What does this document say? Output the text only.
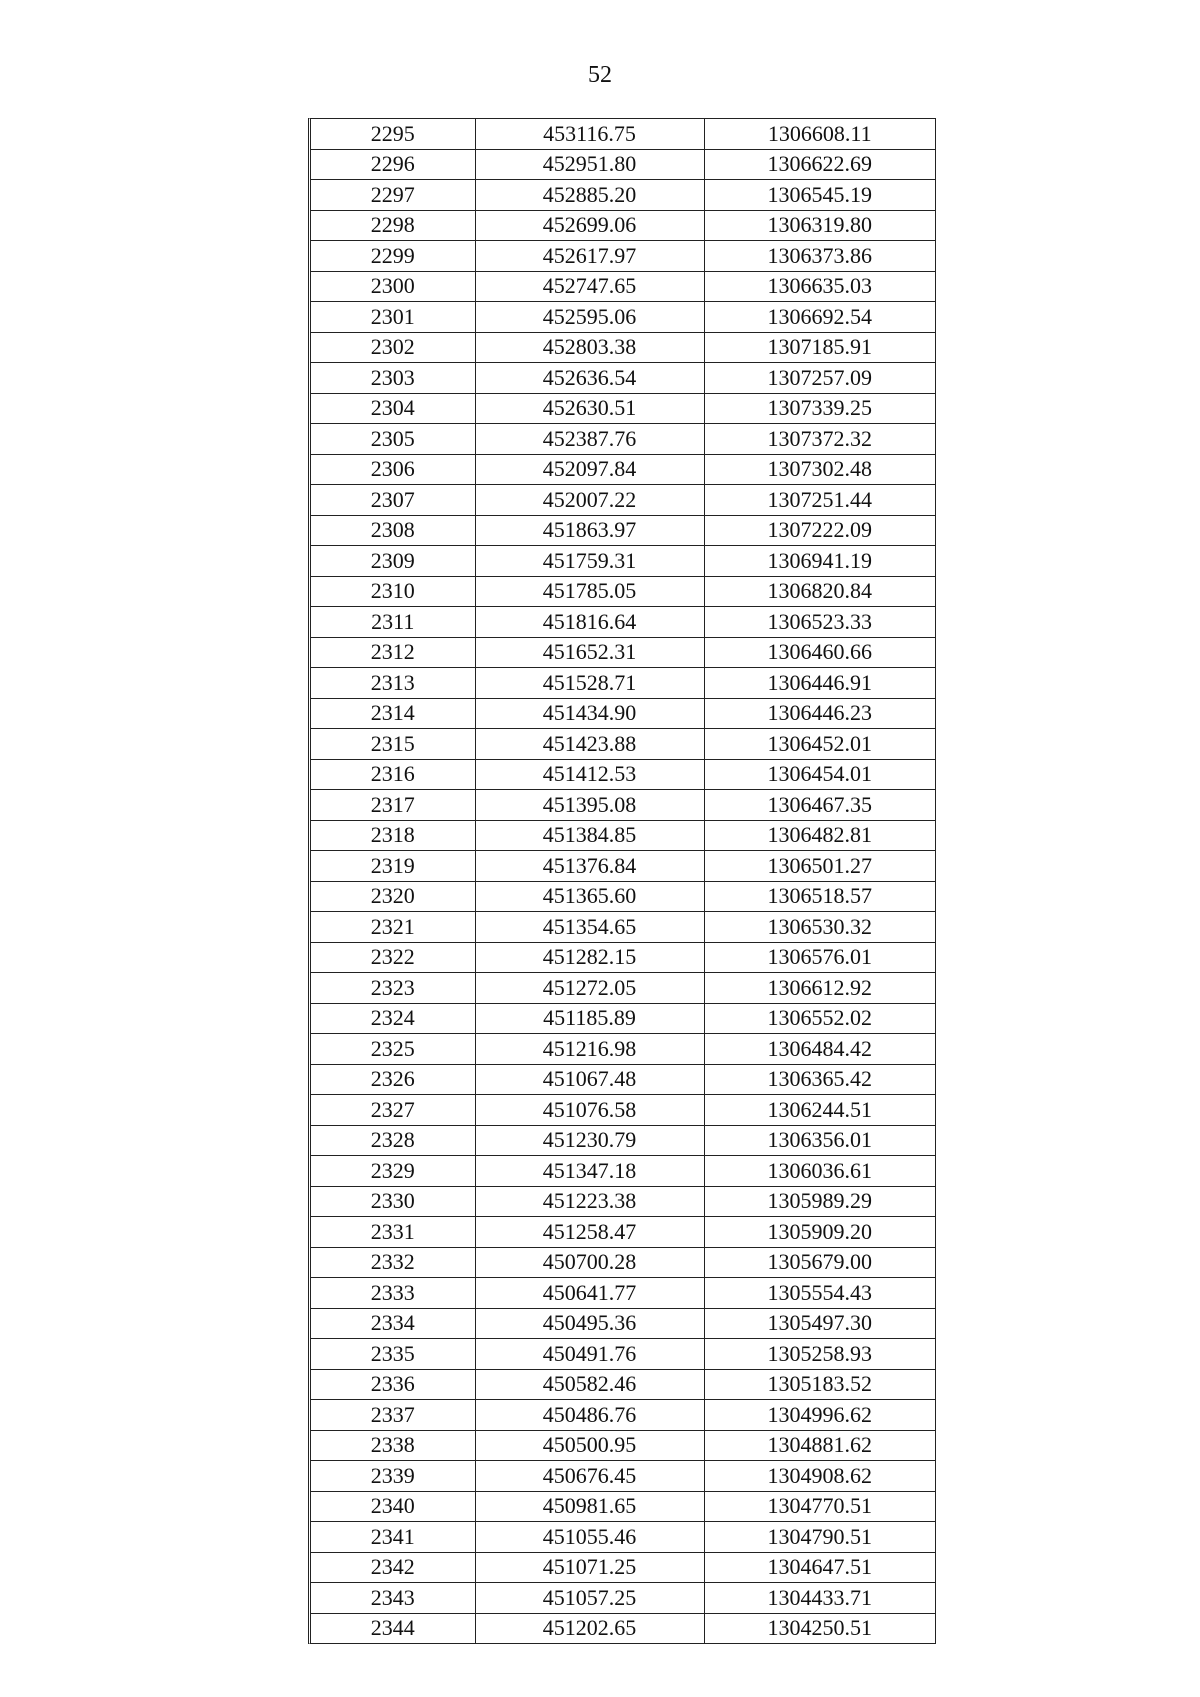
52
2295	453116.75	1306608.11
2296	452951.80	1306622.69
2297	452885.20	1306545.19
2298	452699.06	1306319.80
2299	452617.97	1306373.86
2300	452747.65	1306635.03
2301	452595.06	1306692.54
2302	452803.38	1307185.91
2303	452636.54	1307257.09
2304	452630.51	1307339.25
2305	452387.76	1307372.32
2306	452097.84	1307302.48
2307	452007.22	1307251.44
2308	451863.97	1307222.09
2309	451759.31	1306941.19
2310	451785.05	1306820.84
2311	451816.64	1306523.33
2312	451652.31	1306460.66
2313	451528.71	1306446.91
2314	451434.90	1306446.23
2315	451423.88	1306452.01
2316	451412.53	1306454.01
2317	451395.08	1306467.35
2318	451384.85	1306482.81
2319	451376.84	1306501.27
2320	451365.60	1306518.57
2321	451354.65	1306530.32
2322	451282.15	1306576.01
2323	451272.05	1306612.92
2324	451185.89	1306552.02
2325	451216.98	1306484.42
2326	451067.48	1306365.42
2327	451076.58	1306244.51
2328	451230.79	1306356.01
2329	451347.18	1306036.61
2330	451223.38	1305989.29
2331	451258.47	1305909.20
2332	450700.28	1305679.00
2333	450641.77	1305554.43
2334	450495.36	1305497.30
2335	450491.76	1305258.93
2336	450582.46	1305183.52
2337	450486.76	1304996.62
2338	450500.95	1304881.62
2339	450676.45	1304908.62
2340	450981.65	1304770.51
2341	451055.46	1304790.51
2342	451071.25	1304647.51
2343	451057.25	1304433.71
2344	451202.65	1304250.51
